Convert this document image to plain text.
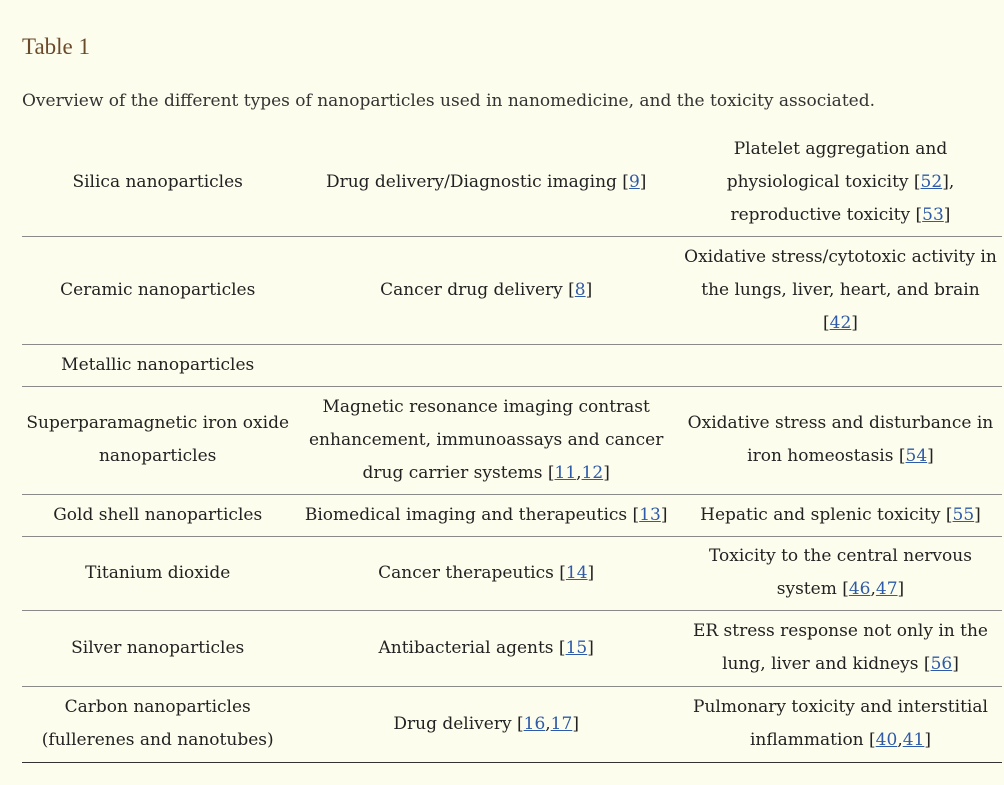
Table 1
Overview of the different types of nanoparticles used in nanomedicine, and the toxicity associated.
Silica nanoparticles	Drug delivery/Diagnostic imaging [9]	Platelet aggregation and physiological toxicity [52], reproductive toxicity [53]
Ceramic nanoparticles	Cancer drug delivery [8]	Oxidative stress/cytotoxic activity in the lungs, liver, heart, and brain [42]
Metallic nanoparticles		
Superparamagnetic iron oxide nanoparticles	Magnetic resonance imaging contrast enhancement, immunoassays and cancer drug carrier systems [11,12]	Oxidative stress and disturbance in iron homeostasis [54]
Gold shell nanoparticles	Biomedical imaging and therapeutics [13]	Hepatic and splenic toxicity [55]
Titanium dioxide	Cancer therapeutics [14]	Toxicity to the central nervous system [46,47]
Silver nanoparticles	Antibacterial agents [15]	ER stress response not only in the lung, liver and kidneys [56]
Carbon nanoparticles (fullerenes and nanotubes)	Drug delivery [16,17]	Pulmonary toxicity and interstitial inflammation [40,41]
